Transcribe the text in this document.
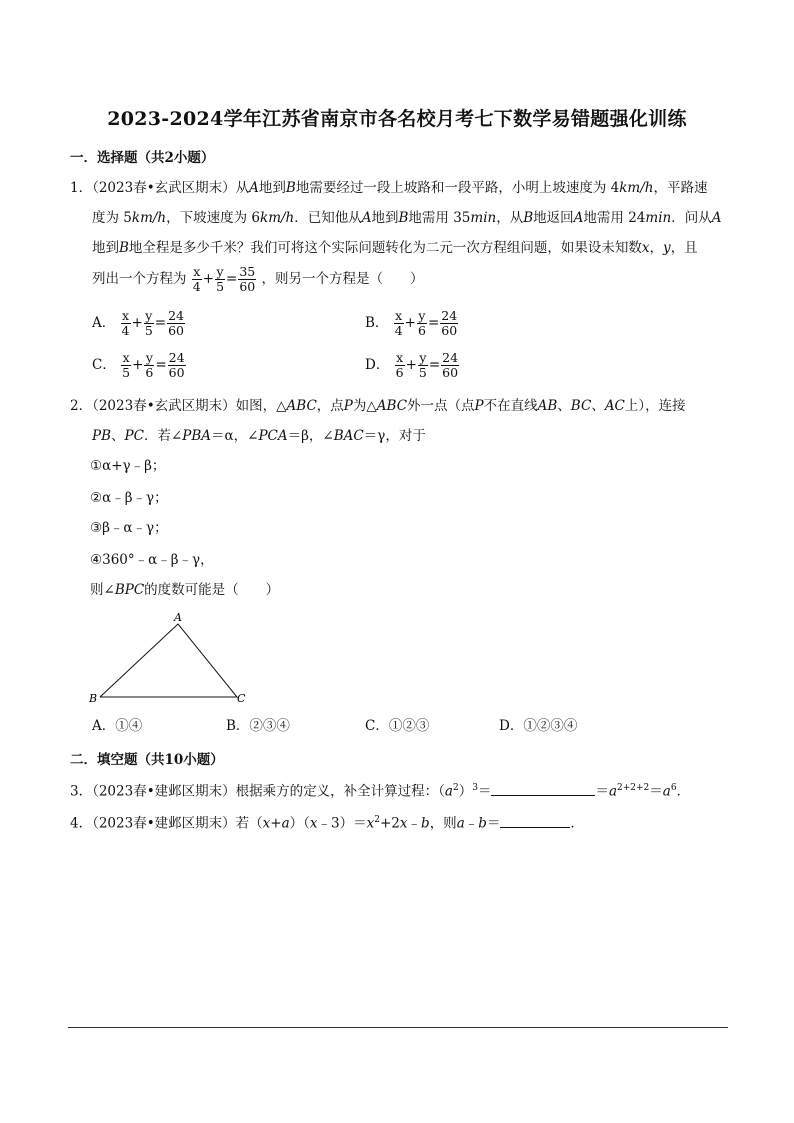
2023-2024学年江苏省南京市各名校月考七下数学易错题强化训练
一．选择题（共2小题）
1．（2023春•玄武区期末）从A地到B地需要经过一段上坡路和一段平路，小明上坡速度为 4km/h，平路速
度为 5km/h，下坡速度为 6km/h．已知他从A地到B地需用 35min，从B地返回A地需用 24min．问从A
地到B地全程是多少千米？我们可将这个实际问题转化为二元一次方程组问题，如果设未知数x，y，且
列出一个方程为 $\frac{x}{4} + \frac{y}{5} = \frac{35}{60}$ ，则另一个方程是（　　）
A． $\frac{x}{4} + \frac{y}{5} = \frac{24}{60}$	B． $\frac{x}{4} + \frac{y}{6} = \frac{24}{60}$
C． $\frac{x}{5} + \frac{y}{6} = \frac{24}{60}$	D． $\frac{x}{6} + \frac{y}{5} = \frac{24}{60}$
2．（2023春•玄武区期末）如图，△ABC，点P为△ABC外一点（点P不在直线AB、BC、AC上），连接
PB、PC．若∠PBA＝α，∠PCA＝β，∠BAC＝γ，对于
①α+γ﹣β；
②α﹣β﹣γ；
③β﹣α﹣γ；
④360°﹣α﹣β﹣γ，
则∠BPC的度数可能是（　　）
A
B	C
A．①④	B．②③④	C．①②③	D．①②③④
二．填空题（共10小题）
3．（2023春•建邺区期末）根据乘方的定义，补全计算过程：$(a^2)^3=$	$=a^{2+2+2}=a^6$．
4．（2023春•建邺区期末）若$(x+a)(x﹣3)=x^2+2x﹣b$，则a﹣b＝	．
